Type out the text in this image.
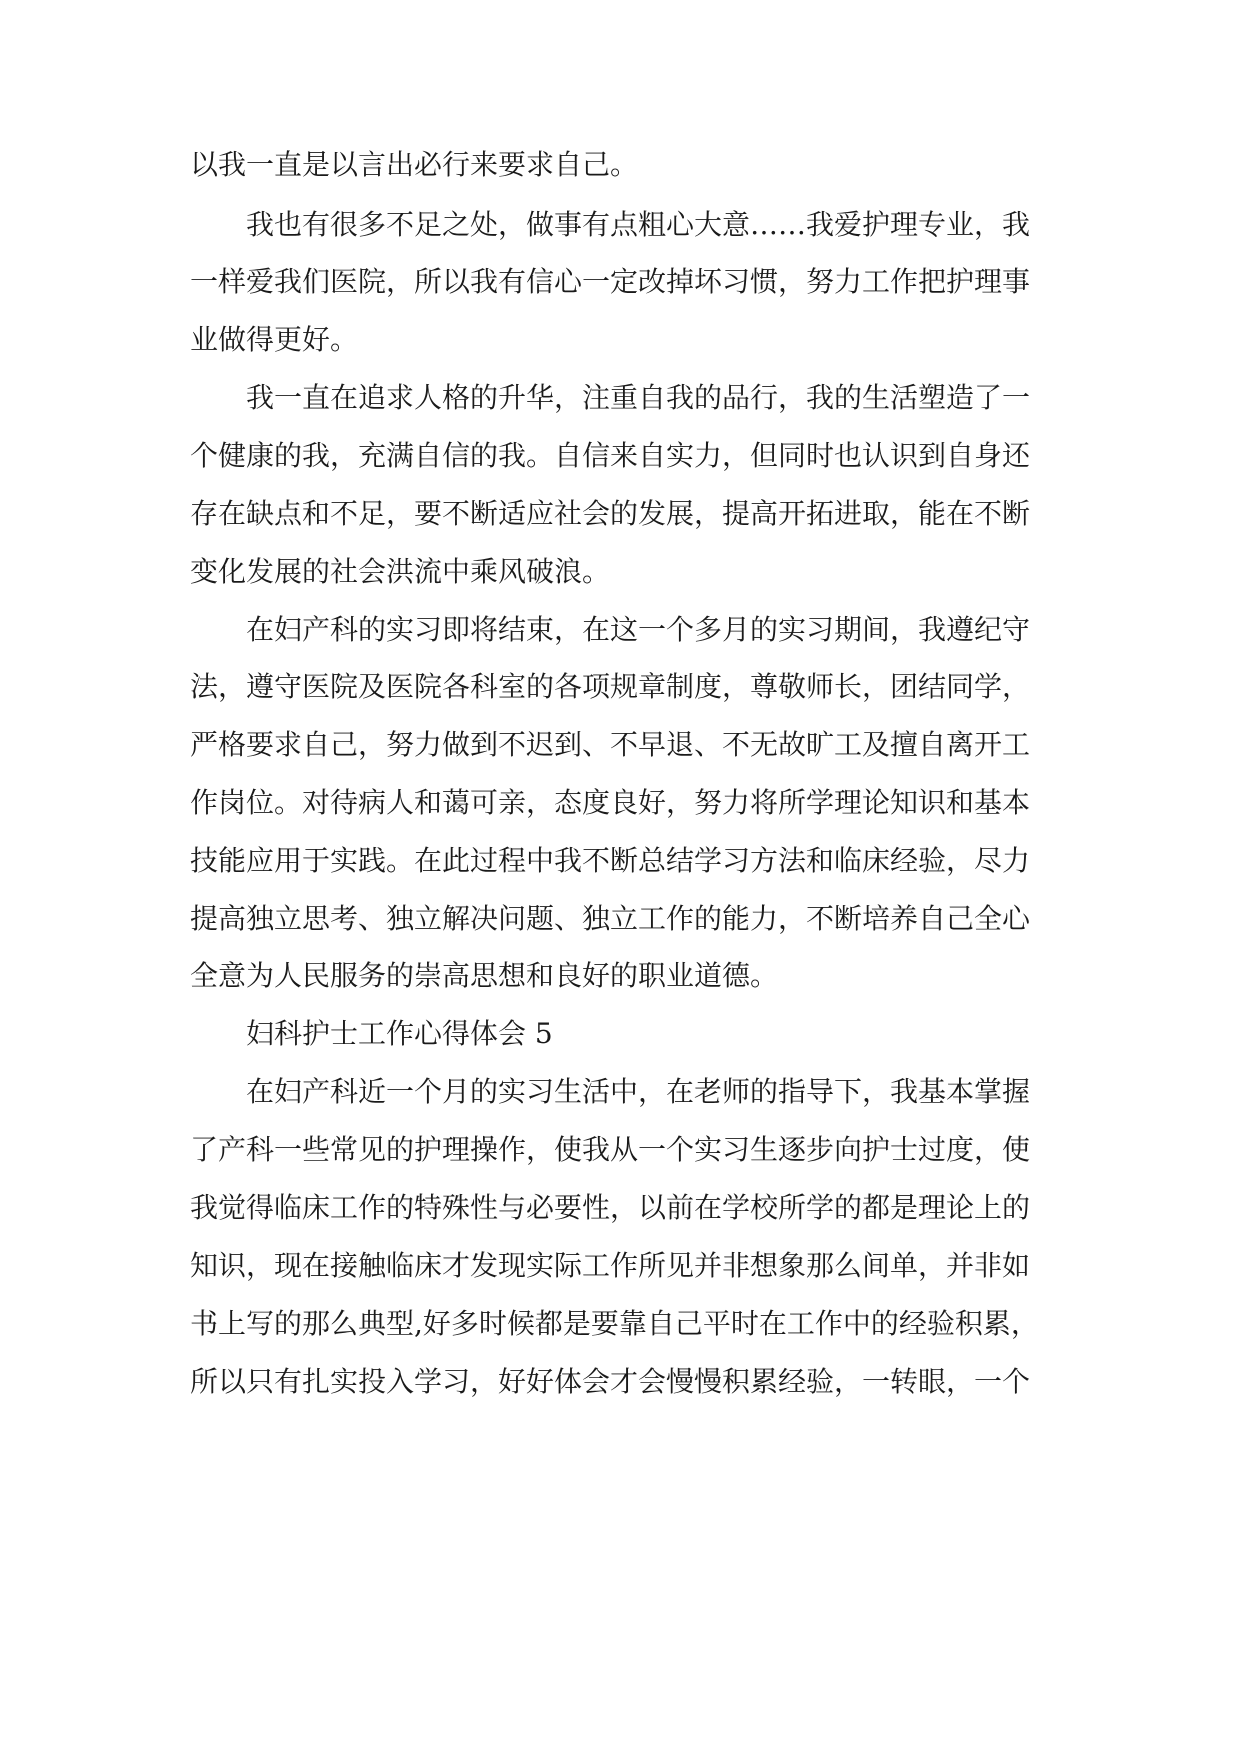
以我一直是以言出必行来要求自己。
我也有很多不足之处，做事有点粗心大意……我爱护理专业，我
一样爱我们医院，所以我有信心一定改掉坏习惯，努力工作把护理事
业做得更好。
我一直在追求人格的升华，注重自我的品行，我的生活塑造了一
个健康的我，充满自信的我。自信来自实力，但同时也认识到自身还
存在缺点和不足，要不断适应社会的发展，提高开拓进取，能在不断
变化发展的社会洪流中乘风破浪。
在妇产科的实习即将结束，在这一个多月的实习期间，我遵纪守
法，遵守医院及医院各科室的各项规章制度，尊敬师长，团结同学，
严格要求自己，努力做到不迟到、不早退、不无故旷工及擅自离开工
作岗位。对待病人和蔼可亲，态度良好，努力将所学理论知识和基本
技能应用于实践。在此过程中我不断总结学习方法和临床经验，尽力
提高独立思考、独立解决问题、独立工作的能力，不断培养自己全心
全意为人民服务的崇高思想和良好的职业道德。
妇科护士工作心得体会 5
在妇产科近一个月的实习生活中，在老师的指导下，我基本掌握
了产科一些常见的护理操作，使我从一个实习生逐步向护士过度，使
我觉得临床工作的特殊性与必要性，以前在学校所学的都是理论上的
知识，现在接触临床才发现实际工作所见并非想象那么间单，并非如
书上写的那么典型,好多时候都是要靠自己平时在工作中的经验积累，
所以只有扎实投入学习，好好体会才会慢慢积累经验，一转眼，一个
